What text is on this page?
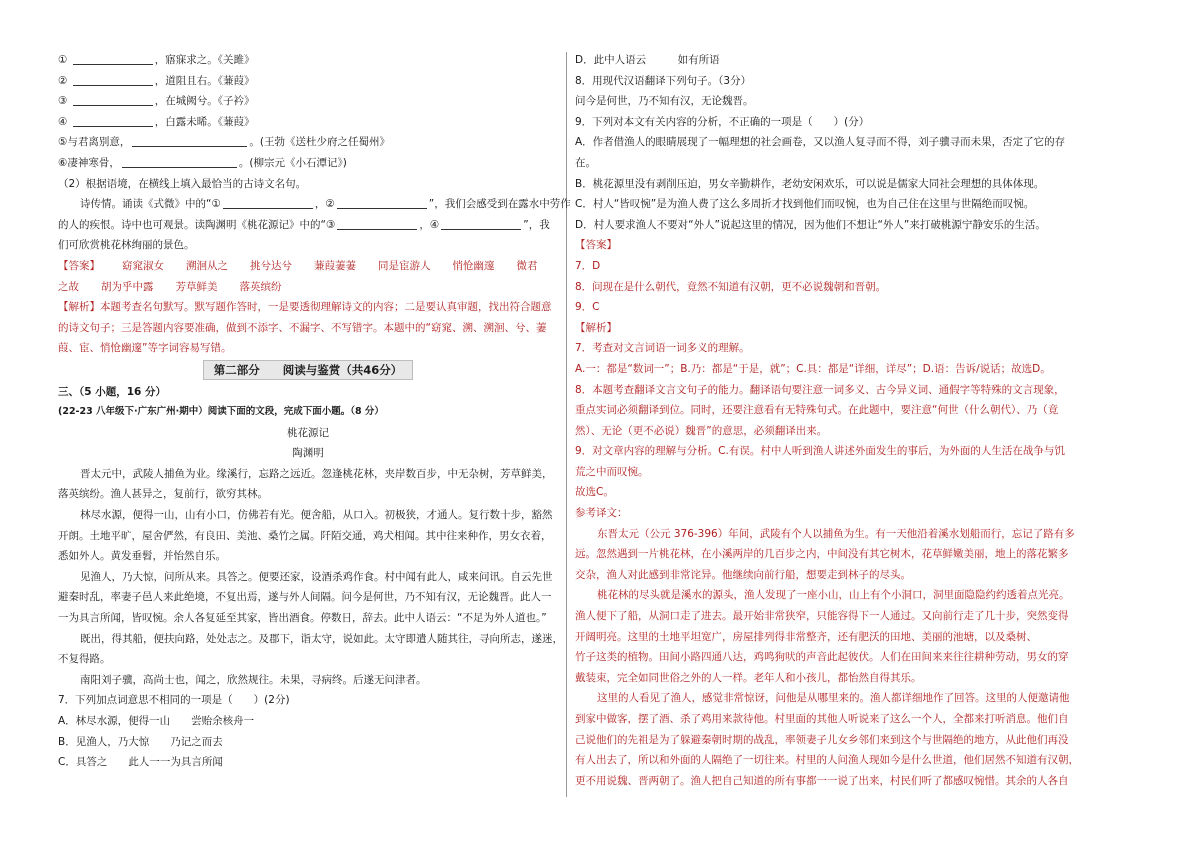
①	，寤寐求之。《关雎》
②	，道阻且右。《蒹葭》
③	，在城阙兮。《子衿》
④	，白露未晞。《蒹葭》
⑤与君离别意，	。(王勃《送杜少府之任蜀州》
⑥凄神寒骨，	。(柳宗元《小石潭记》)
（2）根据语境，在横线上填入最恰当的古诗文名句。
诗传情。诵读《式微》中的“①	，②	”，我们会感受到在露水中劳作
的人的疾恨。诗中也可观景。读陶渊明《桃花源记》中的“③	，④	”，我
们可欣赏桃花林绚丽的景色。
【答案】 窈窕淑女 溯洄从之 挑兮达兮 蒹葭萋萋 同是宦游人 悄怆幽邃 微君
之故 胡为乎中露 芳草鲜美 落英缤纷
【解析】本题考查名句默写。默写题作答时，一是要透彻理解诗文的内容；二是要认真审题，找出符合题意
的诗文句子；三是答题内容要准确，做到不添字、不漏字、不写错字。本题中的“窈窕、溯、溯洄、兮、萋
葭、宦、悄怆幽邃”等字词容易写错。
第二部分　　阅读与鉴赏（共46分）
三、（5 小题，16 分）
(22-23 八年级下·广东广州·期中）阅读下面的文段，完成下面小题。（8 分）
桃花源记
陶渊明
晋太元中，武陵人捕鱼为业。缘溪行，忘路之远近。忽逢桃花林，夹岸数百步，中无杂树，芳草鲜美，
落英缤纷。渔人甚异之，复前行，欲穷其林。
林尽水源，便得一山，山有小口，仿佛若有光。便舍船，从口入。初极狭，才通人。复行数十步，豁然
开朗。土地平旷，屋舍俨然，有良田、美池、桑竹之属。阡陌交通，鸡犬相闻。其中往来种作，男女衣着，
悉如外人。黄发垂髫，并怡然自乐。
见渔人，乃大惊，问所从来。具答之。便要还家，设酒杀鸡作食。村中闻有此人，咸来问讯。自云先世
避秦时乱，率妻子邑人来此绝境，不复出焉，遂与外人间隔。问今是何世，乃不知有汉，无论魏晋。此人一
一为具言所闻，皆叹惋。余人各复延至其家，皆出酒食。停数日，辞去。此中人语云：“不足为外人道也。”
既出，得其船，便扶向路，处处志之。及郡下，诣太守，说如此。太守即遣人随其往，寻向所志，遂迷，
不复得路。
南阳刘子骥，高尚士也，闻之，欣然规往。未果，寻病终。后遂无问津者。
7．下列加点词意思不相同的一项是（　　）(2分)
A．林尽水源，便得一山　　 尝贻余核舟一
B．见渔人，乃大惊　　 乃记之而去
C．具答之　　 此人一一为具言所闻
D．此中人语云　　　	如有所语
8．用现代汉语翻译下列句子。（3分）
问今是何世，乃不知有汉，无论魏晋。
9．下列对本文有关内容的分析，不正确的一项是（　　）(分）
A．作者借渔人的眼睛展现了一幅理想的社会画卷，又以渔人复寻而不得，刘子骥寻而未果，否定了它的存
在。
B．桃花源里没有剥削压迫，男女辛勤耕作，老幼安闲欢乐，可以说是儒家大同社会理想的具体体现。
C．村人“皆叹惋”是为渔人费了这么多周折才找到他们而叹惋，也为自己住在这里与世隔绝而叹惋。
D．村人要求渔人不要对“外人”说起这里的情况，因为他们不想让“外人”来打破桃源宁静安乐的生活。
【答案】
7．D
8．问现在是什么朝代，竟然不知道有汉朝，更不必说魏朝和晋朝。
9．C
【解析】
7．考查对文言词语一词多义的理解。
A.一：都是“数词一”；B.乃：都是“于是，就”；C.具：都是“详细，详尽”；D.语：告诉/说话；故选D。
8．本题考查翻译文言文句子的能力。翻译语句要注意一词多义、古今异义词、通假字等特殊的文言现象，
重点实词必须翻译到位。同时，还要注意看有无特殊句式。在此题中，要注意“何世（什么朝代）、乃（竟
然）、无论（更不必说）魏晋”的意思，必须翻译出来。
9．对文章内容的理解与分析。C.有误。村中人听到渔人讲述外面发生的事后，为外面的人生活在战争与饥
荒之中而叹惋。
故选C。
参考译文：
东晋太元（公元 376-396）年间，武陵有个人以捕鱼为生。有一天他沿着溪水划船而行，忘记了路有多
远。忽然遇到一片桃花林，在小溪两岸的几百步之内，中间没有其它树木，花草鲜嫩美丽，地上的落花繁多
交杂，渔人对此感到非常诧异。他继续向前行船，想要走到林子的尽头。
桃花林的尽头就是溪水的源头，渔人发现了一座小山，山上有个小洞口，洞里面隐隐约约透着点光亮。
渔人便下了船，从洞口走了进去。最开始非常狭窄，只能容得下一人通过。又向前行走了几十步，突然变得
开阔明亮。这里的土地平坦宽广，房屋排列得非常整齐，还有肥沃的田地、美丽的池塘，以及桑树、
竹子这类的植物。田间小路四通八达，鸡鸣狗吠的声音此起彼伏。人们在田间来来往往耕种劳动，男女的穿
戴装束，完全如同世俗之外的人一样。老年人和小孩儿，都怡然自得其乐。
这里的人看见了渔人，感觉非常惊讶，问他是从哪里来的。渔人都详细地作了回答。这里的人便邀请他
到家中做客，摆了酒、杀了鸡用来款待他。村里面的其他人听说来了这么一个人，全都来打听消息。他们自
己说他们的先祖是为了躲避秦朝时期的战乱，率领妻子儿女乡邻们来到这个与世隔绝的地方，从此他们再没
有人出去了，所以和外面的人隔绝了一切往来。村里的人问渔人现如今是什么世道，他们居然不知道有汉朝，
更不用说魏、晋两朝了。渔人把自己知道的所有事都一一说了出来，村民们听了都感叹惋惜。其余的人各自
